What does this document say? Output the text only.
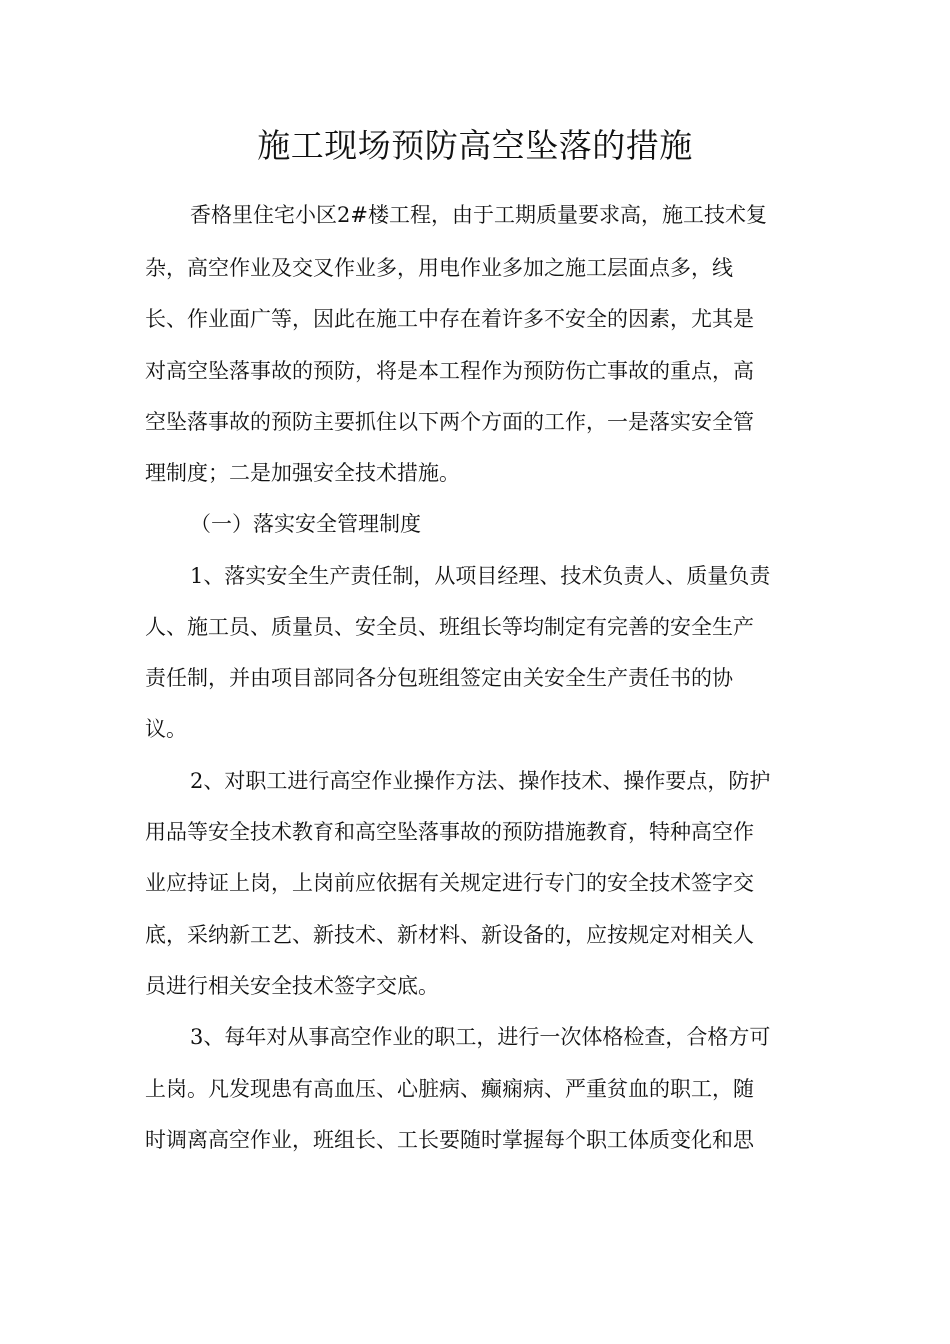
施工现场预防高空坠落的措施
香格里住宅小区2#楼工程，由于工期质量要求高，施工技术复
杂，高空作业及交叉作业多，用电作业多加之施工层面点多，线
长、作业面广等，因此在施工中存在着许多不安全的因素，尤其是
对高空坠落事故的预防，将是本工程作为预防伤亡事故的重点，高
空坠落事故的预防主要抓住以下两个方面的工作，一是落实安全管
理制度；二是加强安全技术措施。
（一）落实安全管理制度
1、落实安全生产责任制，从项目经理、技术负责人、质量负责
人、施工员、质量员、安全员、班组长等均制定有完善的安全生产
责任制，并由项目部同各分包班组签定由关安全生产责任书的协
议。
2、对职工进行高空作业操作方法、操作技术、操作要点，防护
用品等安全技术教育和高空坠落事故的预防措施教育，特种高空作
业应持证上岗，上岗前应依据有关规定进行专门的安全技术签字交
底，采纳新工艺、新技术、新材料、新设备的，应按规定对相关人
员进行相关安全技术签字交底。
3、每年对从事高空作业的职工，进行一次体格检查，合格方可
上岗。凡发现患有高血压、心脏病、癫痫病、严重贫血的职工，随
时调离高空作业，班组长、工长要随时掌握每个职工体质变化和思
